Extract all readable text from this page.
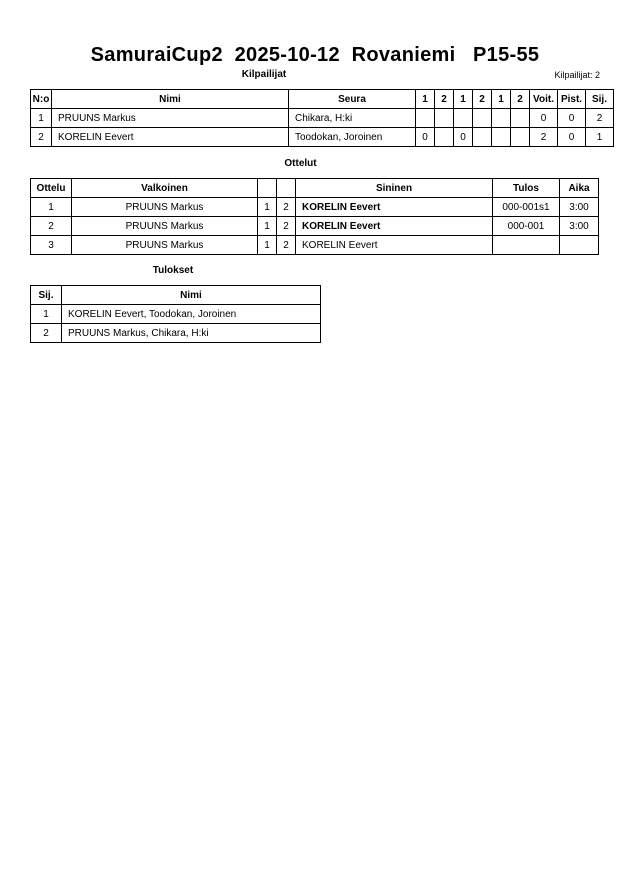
SamuraiCup2  2025-10-12  Rovaniemi   P15-55
Kilpailijat	Kilpailijat: 2
N:o	Nimi	Seura	1	2	1	2	1	2	Voit.	Pist.	Sij.
1	PRUUNS Markus	Chikara, H:ki							0	0	2
2	KORELIN Eevert	Toodokan, Joroinen	0		0				2	0	1
Ottelut
Ottelu	Valkoinen			Sininen	Tulos	Aika
1	PRUUNS Markus	1	2	KORELIN Eevert	000-001s1	3:00
2	PRUUNS Markus	1	2	KORELIN Eevert	000-001	3:00
3	PRUUNS Markus	1	2	KORELIN Eevert		
Tulokset
Sij.	Nimi
1	KORELIN Eevert, Toodokan, Joroinen
2	PRUUNS Markus, Chikara, H:ki
